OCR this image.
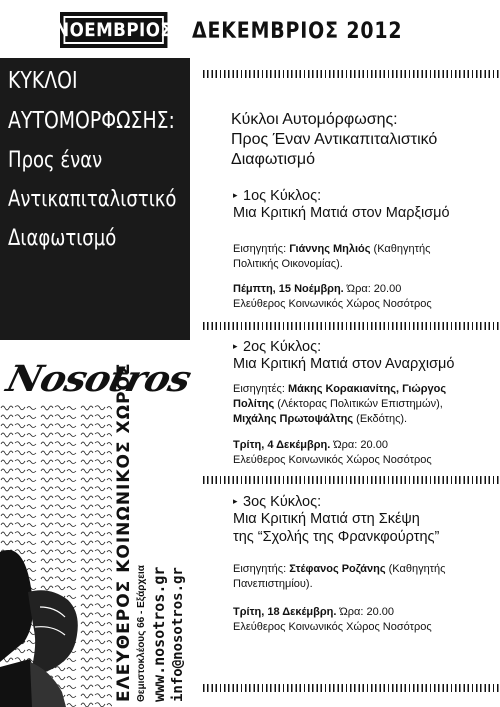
ΝΟΕΜΒΡΙΟΣ ΔΕΚΕΜΒΡΙΟΣ 2012
ΚΥΚΛΟΙ
ΑΥΤΟΜΟΡΦΩΣΗΣ:
Προς έναν
Αντικαπιταλιστικό
Διαφωτισμό
Nosotros
ΕΛΕΥΘΕΡΟΣ ΚΟΙΝΩΝΙΚΟΣ ΧΩΡΟΣ Θεμιστοκλέους 66 - Εξάρχεια www.nosotros.gr info@nosotros.gr
Κύκλοι Αυτομόρφωσης:
Προς Έναν Αντικαπιταλιστικό
Διαφωτισμό
▸ 1ος Κύκλος:
Μια Κριτική Ματιά στον Μαρξισμό
Εισηγητής: Γιάννης Μηλιός (Καθηγητής
Πολιτικής Οικονομίας).
Πέμπτη, 15 Νοέμβρη. Ώρα: 20.00
Ελεύθερος Κοινωνικός Χώρος Νοσότρος
▸ 2ος Κύκλος:
Μια Κριτική Ματιά στον Αναρχισμό
Εισηγητές: Μάκης Κορακιανίτης, Γιώργος
Πολίτης (Λέκτορας Πολιτικών Επιστημών),
Μιχάλης Πρωτοψάλτης (Εκδότης).
Τρίτη, 4 Δεκέμβρη. Ώρα: 20.00
Ελεύθερος Κοινωνικός Χώρος Νοσότρος
▸ 3ος Κύκλος:
Μια Κριτική Ματιά στη Σκέψη
της “Σχολής της Φρανκφούρτης”
Εισηγητής: Στέφανος Ροζάνης (Καθηγητής
Πανεπιστημίου).
Τρίτη, 18 Δεκέμβρη. Ώρα: 20.00
Ελεύθερος Κοινωνικός Χώρος Νοσότρος
